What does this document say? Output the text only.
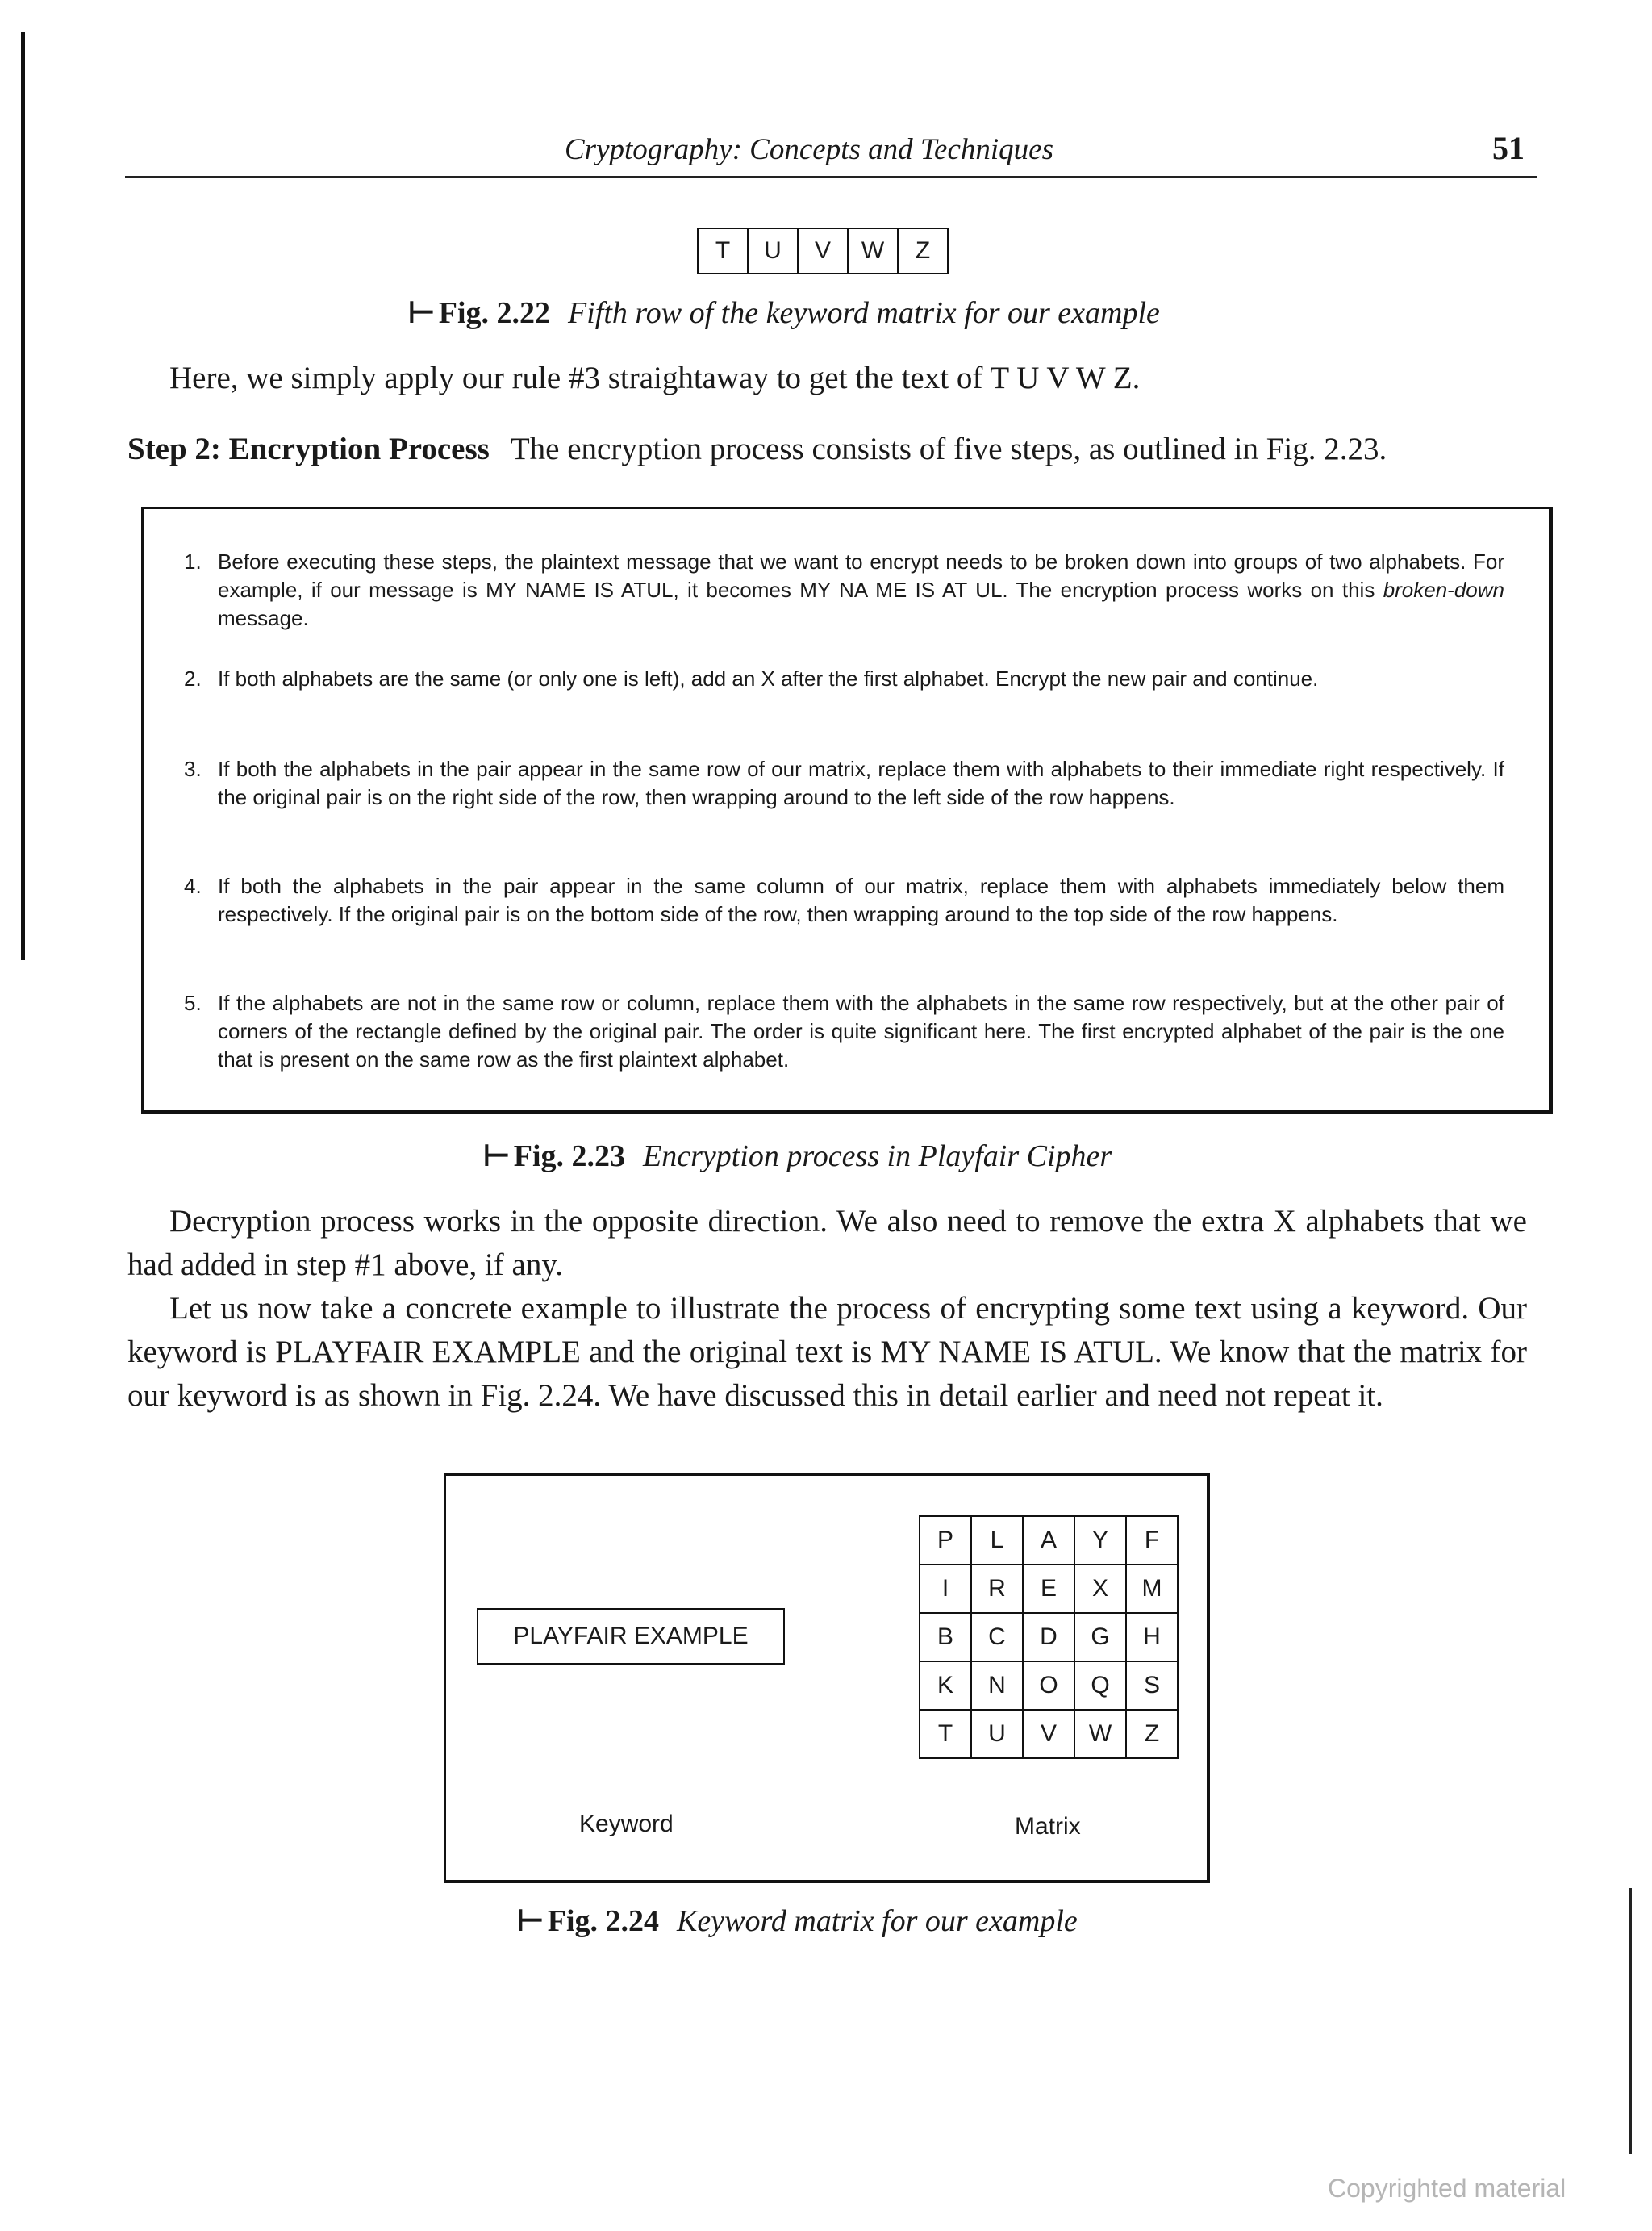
Cryptography: Concepts and Techniques	51
T	U	V	W	Z
⊢ Fig. 2.22 Fifth row of the keyword matrix for our example
Here, we simply apply our rule #3 straightaway to get the text of T U V W Z.
Step 2: Encryption Process The encryption process consists of five steps, as outlined in Fig. 2.23.
1. Before executing these steps, the plaintext message that we want to encrypt needs to be broken down into groups of two alphabets. For example, if our message is MY NAME IS ATUL, it becomes MY NA ME IS AT UL. The encryption process works on this broken-down message.
2. If both alphabets are the same (or only one is left), add an X after the first alphabet. Encrypt the new pair and continue.
3. If both the alphabets in the pair appear in the same row of our matrix, replace them with alphabets to their immediate right respectively. If the original pair is on the right side of the row, then wrapping around to the left side of the row happens.
4. If both the alphabets in the pair appear in the same column of our matrix, replace them with alphabets immediately below them respectively. If the original pair is on the bottom side of the row, then wrapping around to the top side of the row happens.
5. If the alphabets are not in the same row or column, replace them with the alphabets in the same row respectively, but at the other pair of corners of the rectangle defined by the original pair. The order is quite significant here. The first encrypted alphabet of the pair is the one that is present on the same row as the first plaintext alphabet.
⊢ Fig. 2.23 Encryption process in Playfair Cipher
Decryption process works in the opposite direction. We also need to remove the extra X alphabets that we had added in step #1 above, if any.
Let us now take a concrete example to illustrate the process of encrypting some text using a keyword. Our keyword is PLAYFAIR EXAMPLE and the original text is MY NAME IS ATUL. We know that the matrix for our keyword is as shown in Fig. 2.24. We have discussed this in detail earlier and need not repeat it.
PLAYFAIR EXAMPLE
P	L	A	Y	F
I	R	E	X	M
B	C	D	G	H
K	N	O	Q	S
T	U	V	W	Z
Keyword	Matrix
⊢ Fig. 2.24 Keyword matrix for our example
Copyrighted material
